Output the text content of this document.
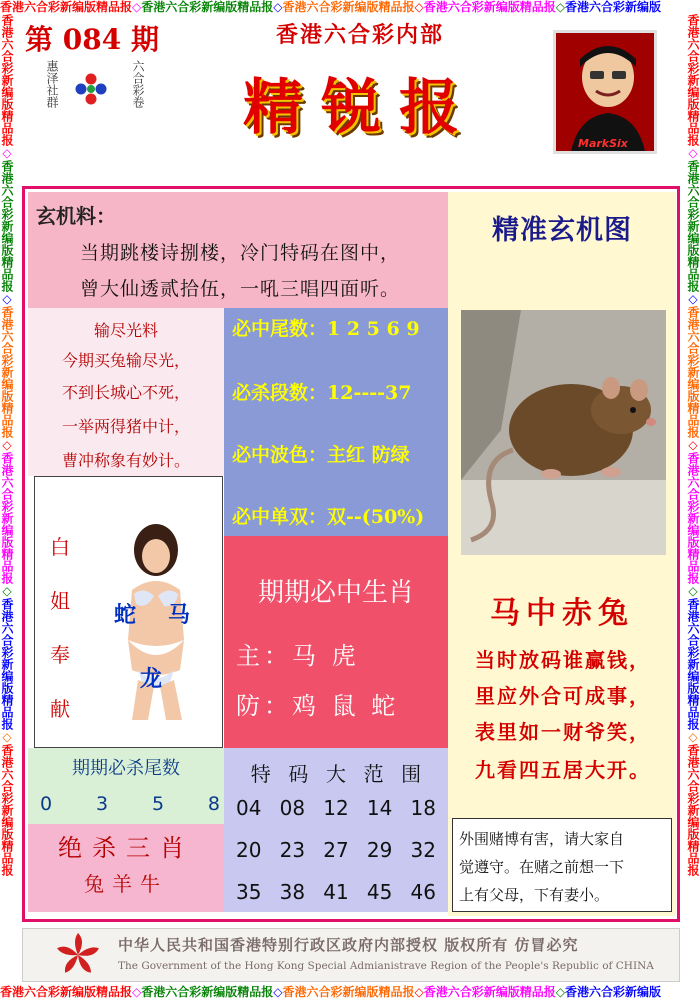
香港六合彩新编版精品报◇香港六合彩新编版精品报◇香港六合彩新编版精品报◇香港六合彩新编版精品报◇香港六合彩新编版
香港六合彩新编版精品报◇香港六合彩新编版精品报◇香港六合彩新编版精品报◇香港六合彩新编版精品报◇香港六合彩新编版
香港六合彩新编版精品报◇香港六合彩新编版精品报◇香港六合彩新编版精品报◇香港六合彩新编版精品报◇香港六合彩新编版精品报◇香港六合彩新编版精品报
香港六合彩新编版精品报◇香港六合彩新编版精品报◇香港六合彩新编版精品报◇香港六合彩新编版精品报◇香港六合彩新编版精品报◇香港六合彩新编版精品报
第 084 期
惠泽社群	六合彩卷
香港六合彩内部
精锐报
MarkSix
玄机料：
当期跳楼诗捌楼，冷门特码在图中，
曾大仙透贰拾伍，一吼三唱四面听。
输尽光料
今期买兔输尽光，
不到长城心不死，
一举两得猪中计，
曹冲称象有妙计。
必中尾数：1 2 5 6 9
必杀段数：12----37
必中波色：主红 防绿
必中单双：双--(50%)
白
姐
奉
献
蛇 马
龙
期期必中生肖
主：马 虎
防：鸡 鼠 蛇
期期必杀尾数
0 3 5 8
绝杀三肖
兔羊牛
特 码 大 范 围
04 08 12 14 18
20 23 27 29 32
35 38 41 45 46
精准玄机图
马中赤兔
当时放码谁赢钱，
里应外合可成事，
表里如一财爷笑，
九看四五居大开。
外围赌博有害，请大家自
觉遵守。在赌之前想一下
上有父母，下有妻小。
中华人民共和国香港特别行政区政府内部授权 版权所有 仿冒必究
The Government of the Hong Kong Special Admianistrave Region of the People's Republic of CHINA
